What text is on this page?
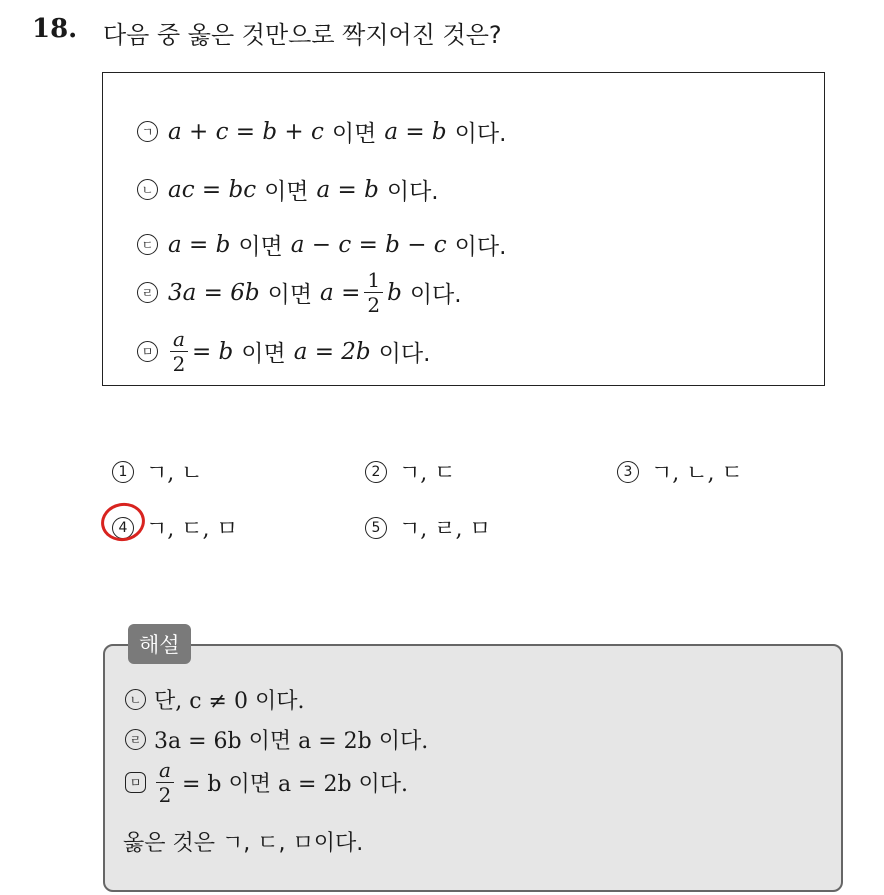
18. 다음 중 옳은 것만으로 짝지어진 것은?
ㄱ a + c = b + c 이면 a = b 이다.
ㄴ ac = bc 이면 a = b 이다.
ㄷ a = b 이면 a − c = b − c 이다.
ㄹ 3a = 6b 이면 $a = \frac{1}{2}$ b 이다.
ㅁ $\frac{a}{2} = b$ 이면 a = 2b 이다.
1 ㄱ, ㄴ	2 ㄱ, ㄷ	3 ㄱ, ㄴ, ㄷ
4 ㄱ, ㄷ, ㅁ	5 ㄱ, ㄹ, ㅁ
ㄴ 단, c ≠ 0 이다.
ㄹ 3a = 6b 이면 a = 2b 이다.
ㅁ $\frac{a}{2} = b$ 이면 a = 2b 이다.
옳은 것은 ㄱ, ㄷ, ㅁ이다.
해설
